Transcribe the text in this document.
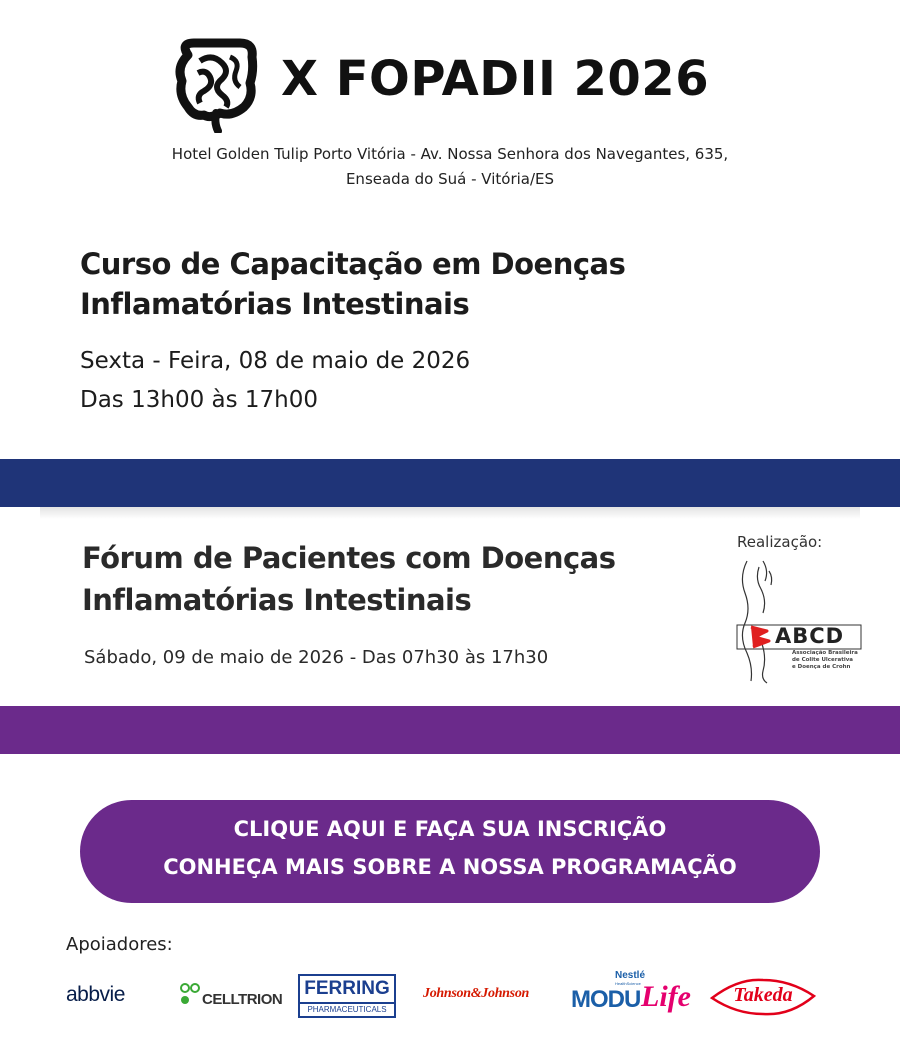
X FOPADII 2026
Hotel Golden Tulip Porto Vitória - Av. Nossa Senhora dos Navegantes, 635,
Enseada do Suá - Vitória/ES
Curso de Capacitação em Doenças
Inflamatórias Intestinais
Sexta - Feira, 08 de maio de 2026
Das 13h00 às 17h00
Fórum de Pacientes com Doenças
Inflamatórias Intestinais
Sábado, 09 de maio de 2026 - Das 07h30 às 17h30
Realização:
ABCD
Associação Brasileira
de Colite Ulcerativa
e Doença de Crohn
CLIQUE AQUI E FAÇA SUA INSCRIÇÃO
CONHEÇA MAIS SOBRE A NOSSA PROGRAMAÇÃO
Apoiadores:
abbvie	CELLTRION
FERRING
PHARMACEUTICALS
Johnson&Johnson
Nestlé
HealthScience
MODU Life	Takeda
